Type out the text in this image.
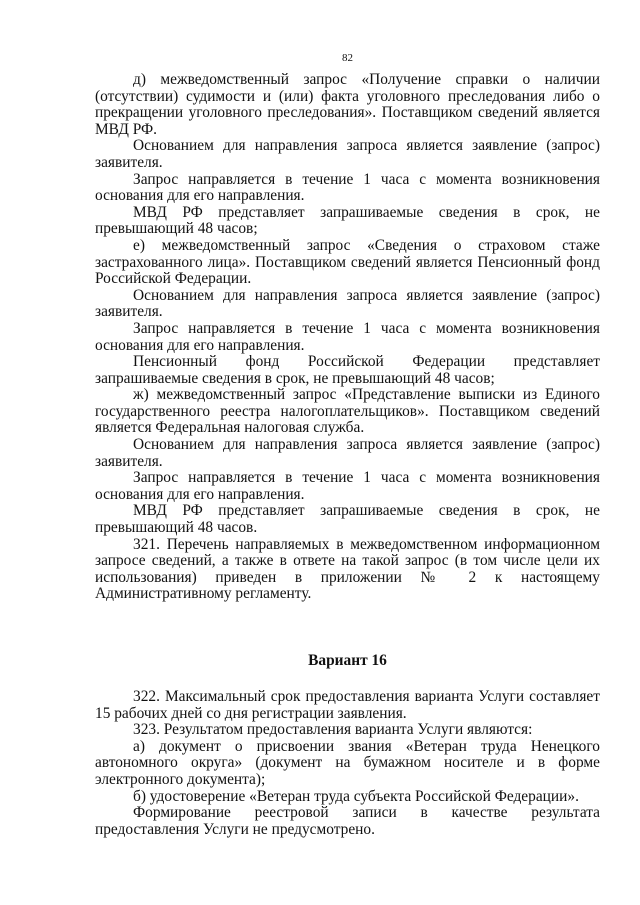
82

д) межведомственный запрос «Получение справки о наличии (отсутствии) судимости и (или) факта уголовного преследования либо о прекращении уголовного преследования». Поставщиком сведений является МВД РФ.

Основанием для направления запроса является заявление (запрос) заявителя.

Запрос направляется в течение 1 часа с момента возникновения основания для его направления.

МВД РФ представляет запрашиваемые сведения в срок, не превышающий 48 часов;

е) межведомственный запрос «Сведения о страховом стаже застрахованного лица». Поставщиком сведений является Пенсионный фонд Российской Федерации.

Основанием для направления запроса является заявление (запрос) заявителя.

Запрос направляется в течение 1 часа с момента возникновения основания для его направления.

Пенсионный фонд Российской Федерации представляет запрашиваемые сведения в срок, не превышающий 48 часов;

ж) межведомственный запрос «Представление выписки из Единого государственного реестра налогоплательщиков». Поставщиком сведений является Федеральная налоговая служба.

Основанием для направления запроса является заявление (запрос) заявителя.

Запрос направляется в течение 1 часа с момента возникновения основания для его направления.

МВД РФ представляет запрашиваемые сведения в срок, не превышающий 48 часов.

321. Перечень направляемых в межведомственном информационном запросе сведений, а также в ответе на такой запрос (в том числе цели их использования) приведен в приложении № 2 к настоящему Административному регламенту.

Вариант 16

322. Максимальный срок предоставления варианта Услуги составляет 15 рабочих дней со дня регистрации заявления.

323. Результатом предоставления варианта Услуги являются:

а) документ о присвоении звания «Ветеран труда Ненецкого автономного округа» (документ на бумажном носителе и в форме электронного документа);

б) удостоверение «Ветеран труда субъекта Российской Федерации».

Формирование реестровой записи в качестве результата предоставления Услуги не предусмотрено.
